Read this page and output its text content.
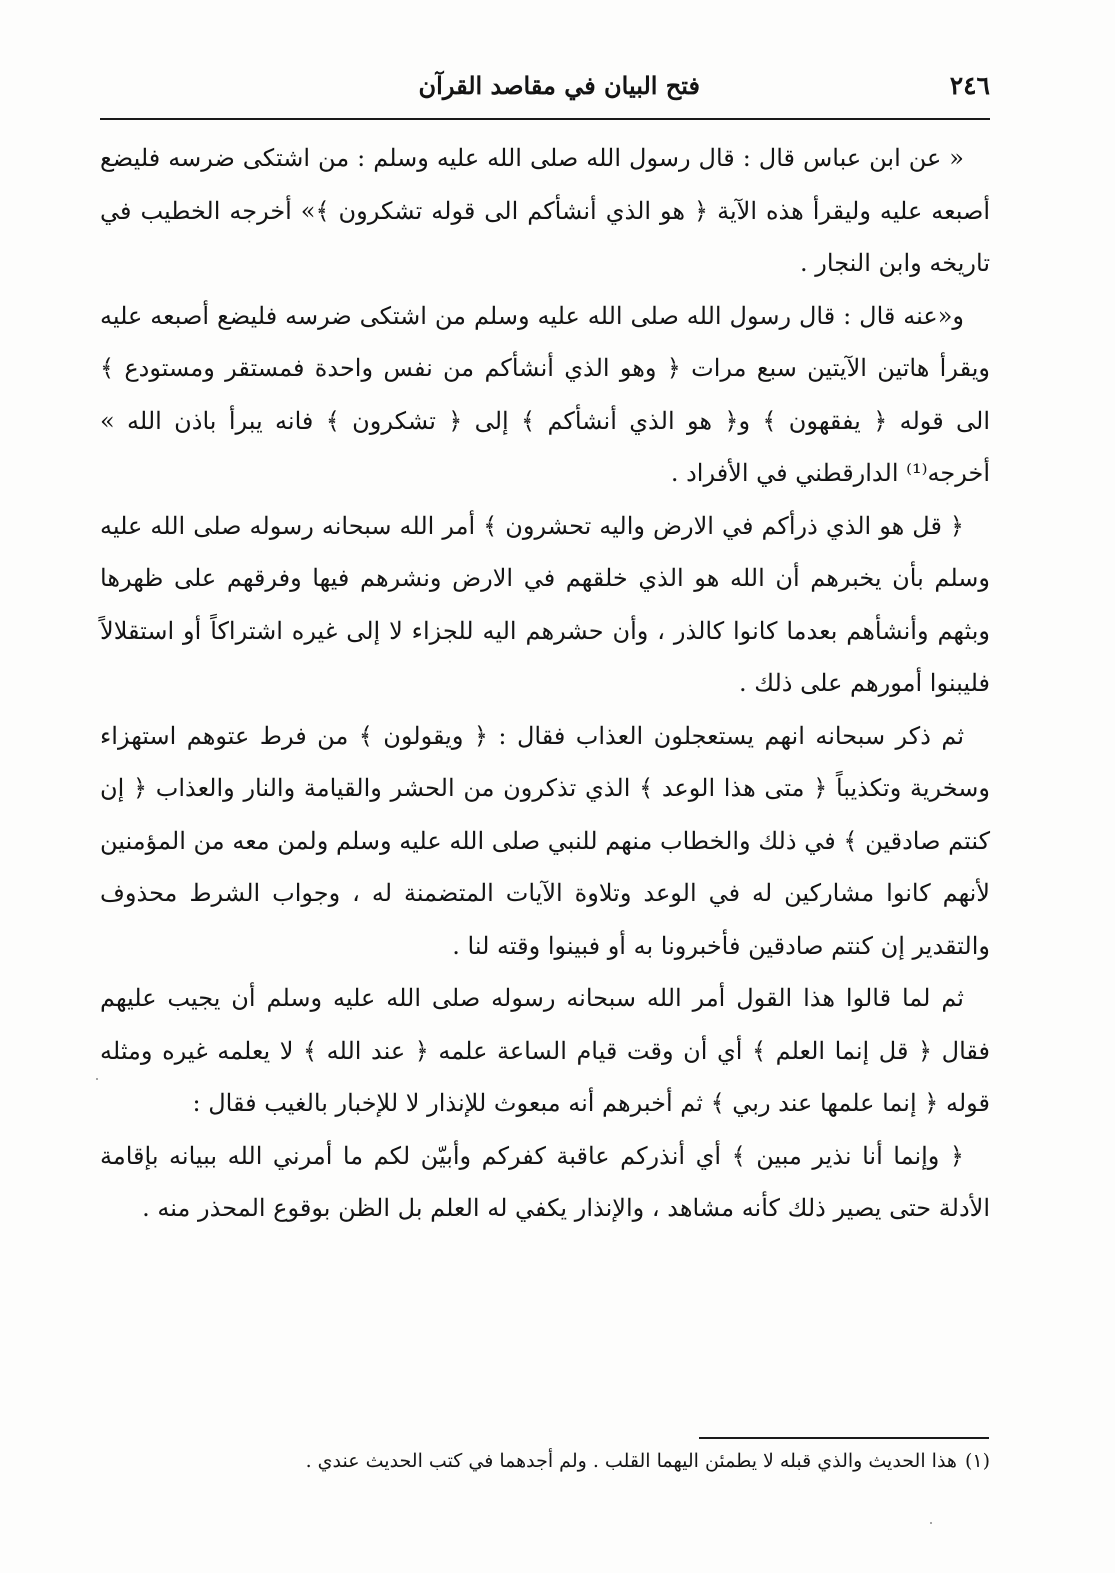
٢٤٦
فتح البيان في مقاصد القرآن

« عن ابن عباس قال : قال رسول الله صلى الله عليه وسلم : من اشتكى ضرسه فليضع أصبعه عليه وليقرأ هذه الآية ﴿ هو الذي أنشأكم الى قوله تشكرون ﴾» أخرجه الخطيب في تاريخه وابن النجار .

و«عنه قال : قال رسول الله صلى الله عليه وسلم من اشتكى ضرسه فليضع أصبعه عليه ويقرأ هاتين الآيتين سبع مرات ﴿ وهو الذي أنشأكم من نفس واحدة فمستقر ومستودع ﴾ الى قوله ﴿ يفقهون ﴾ و﴿ هو الذي أنشأكم ﴾ إلى ﴿ تشكرون ﴾ فانه يبرأ باذن الله » أخرجه⁽¹⁾ الدارقطني في الأفراد .

﴿ قل هو الذي ذرأكم في الارض واليه تحشرون ﴾ أمر الله سبحانه رسوله صلى الله عليه وسلم بأن يخبرهم أن الله هو الذي خلقهم في الارض ونشرهم فيها وفرقهم على ظهرها وبثهم وأنشأهم بعدما كانوا كالذر ، وأن حشرهم اليه للجزاء لا إلى غيره اشتراكاً أو استقلالاً فليبنوا أمورهم على ذلك .

ثم ذكر سبحانه انهم يستعجلون العذاب فقال : ﴿ ويقولون ﴾ من فرط عتوهم استهزاء وسخرية وتكذيباً ﴿ متى هذا الوعد ﴾ الذي تذكرون من الحشر والقيامة والنار والعذاب ﴿ إن كنتم صادقين ﴾ في ذلك والخطاب منهم للنبي صلى الله عليه وسلم ولمن معه من المؤمنين لأنهم كانوا مشاركين له في الوعد وتلاوة الآيات المتضمنة له ، وجواب الشرط محذوف والتقدير إن كنتم صادقين فأخبرونا به أو فبينوا وقته لنا .

ثم لما قالوا هذا القول أمر الله سبحانه رسوله صلى الله عليه وسلم أن يجيب عليهم فقال ﴿ قل إنما العلم ﴾ أي أن وقت قيام الساعة علمه ﴿ عند الله ﴾ لا يعلمه غيره ومثله قوله ﴿ إنما علمها عند ربي ﴾ ثم أخبرهم أنه مبعوث للإنذار لا للإخبار بالغيب فقال :

﴿ وإنما أنا نذير مبين ﴾ أي أنذركم عاقبة كفركم وأبيّن لكم ما أمرني الله ببيانه بإقامة الأدلة حتى يصير ذلك كأنه مشاهد ، والإنذار يكفي له العلم بل الظن بوقوع المحذر منه .

(١)هذا الحديث والذي قبله لا يطمئن اليهما القلب . ولم أجدهما في كتب الحديث عندي .
